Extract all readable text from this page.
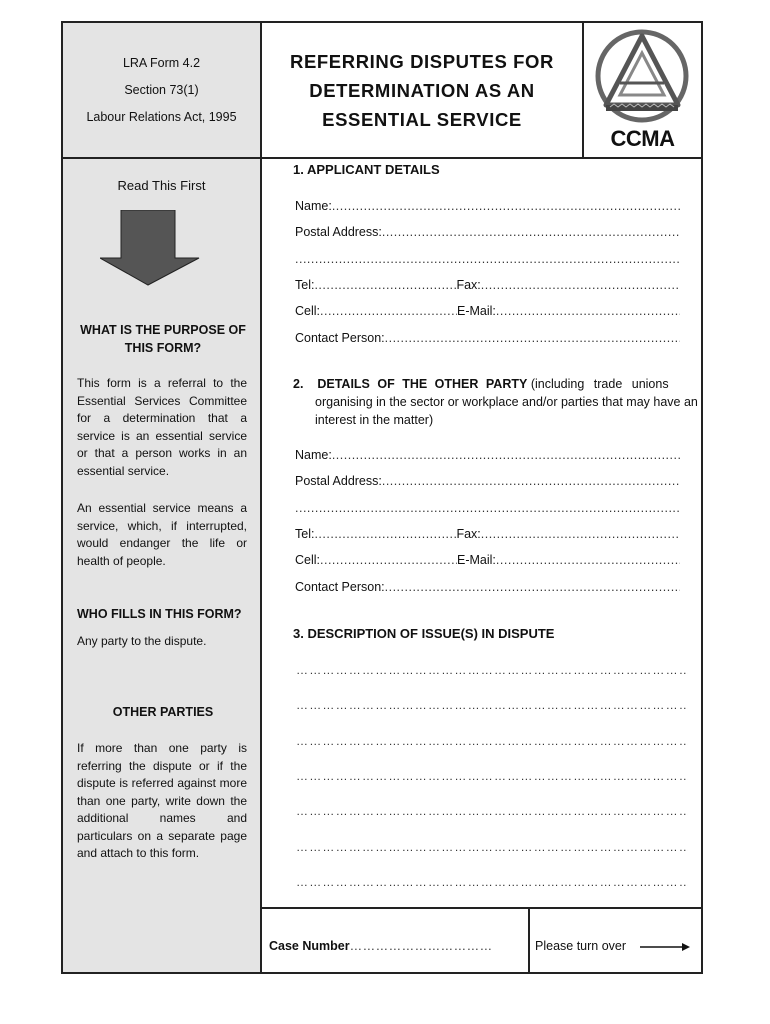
LRA Form 4.2
Section 73(1)
Labour Relations Act, 1995
Read This First
WHAT IS THE PURPOSE OF
THIS FORM?
This form is a referral to the Essential Services Committee for a determination that a service is an essential service or that a person works in an essential service.
An essential service means a service, which, if interrupted, would endanger the life or health of people.
WHO FILLS IN THIS FORM?
Any party to the dispute.
OTHER PARTIES
If more than one party is referring the dispute or if the dispute is referred against more than one party, write down the additional names and particulars on a separate page and attach to this form.
REFERRING DISPUTES FOR
DETERMINATION AS AN
ESSENTIAL SERVICE
CCMA
1. APPLICANT DETAILS
Name:
.....
Postal Address:
.....
.....
Tel: .....	Fax:
.....
Cell: .....	E-Mail:
.....
Contact Person:
.....
2. DETAILS OF THE OTHER PARTY (including trade unions
organising in the sector or workplace and/or parties that may have an interest in the matter)
Name:
.....
Postal Address:
.....
.....
Tel: .....	Fax:
.....
Cell: .....	E-Mail:
.....
Contact Person:
.....
3. DESCRIPTION OF ISSUE(S) IN DISPUTE
…………………………………………………………………………………………………………………………………………
…………………………………………………………………………………………………………………………………………
…………………………………………………………………………………………………………………………………………
…………………………………………………………………………………………………………………………………………
…………………………………………………………………………………………………………………………………………
…………………………………………………………………………………………………………………………………………
…………………………………………………………………………………………………………………………………………
Case Number …………………………………………………………	Please turn over
